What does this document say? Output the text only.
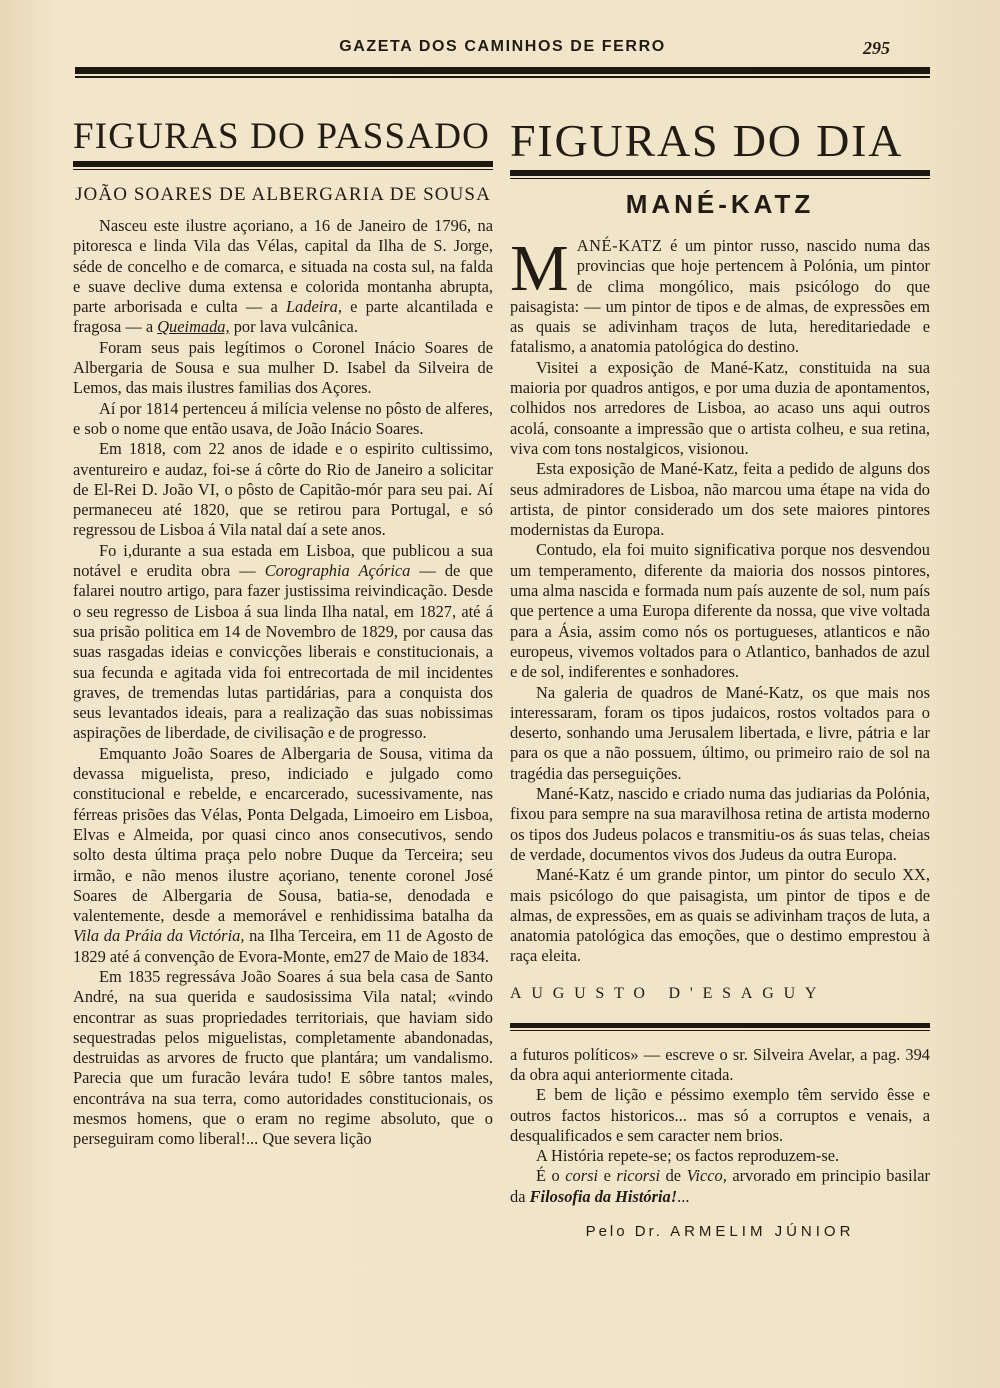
GAZETA DOS CAMINHOS DE FERRO	295
FIGURAS DO PASSADO
JOÃO SOARES DE ALBERGARIA DE SOUSA

Nasceu este ilustre açoriano, a 16 de Janeiro de 1796, na pitoresca e linda Vila das Vélas, capital da Ilha de S. Jorge, séde de concelho e de comarca, e situada na costa sul, na falda e suave declive duma extensa e colorida montanha abrupta, parte arborisada e culta — a Ladeira, e parte alcantilada e fragosa — a Queimada, por lava vulcânica.

Foram seus pais legítimos o Coronel Inácio Soares de Albergaria de Sousa e sua mulher D. Isabel da Silveira de Lemos, das mais ilustres familias dos Açores.

Aí por 1814 pertenceu á milícia velense no pôsto de alferes, e sob o nome que então usava, de João Inácio Soares.

Em 1818, com 22 anos de idade e o espirito cultissimo, aventureiro e audaz, foi-se á côrte do Rio de Janeiro a solicitar de El-Rei D. João VI, o pôsto de Capitão-mór para seu pai. Aí permaneceu até 1820, que se retirou para Portugal, e só regressou de Lisboa á Vila natal daí a sete anos.

Fo i,durante a sua estada em Lisboa, que publicou a sua notável e erudita obra — Corographia Açórica — de que falarei noutro artigo, para fazer justissima reivindicação. Desde o seu regresso de Lisboa á sua linda Ilha natal, em 1827, até á sua prisão politica em 14 de Novembro de 1829, por causa das suas rasgadas ideias e convicções liberais e constitucionais, a sua fecunda e agitada vida foi entrecortada de mil incidentes graves, de tremendas lutas partidárias, para a conquista dos seus levantados ideais, para a realização das suas nobissimas aspirações de liberdade, de civilisação e de progresso.

Emquanto João Soares de Albergaria de Sousa, vitima da devassa miguelista, preso, indiciado e julgado como constitucional e rebelde, e encarcerado, sucessivamente, nas férreas prisões das Vélas, Ponta Delgada, Limoeiro em Lisboa, Elvas e Almeida, por quasi cinco anos consecutivos, sendo solto desta última praça pelo nobre Duque da Terceira; seu irmão, e não menos ilustre açoriano, tenente coronel José Soares de Albergaria de Sousa, batia-se, denodada e valentemente, desde a memorável e renhidissima batalha da Vila da Práia da Victória, na Ilha Terceira, em 11 de Agosto de 1829 até á convenção de Evora-Monte, em27 de Maio de 1834.

Em 1835 regressáva João Soares á sua bela casa de Santo André, na sua querida e saudosissima Vila natal; «vindo encontrar as suas propriedades territoriais, que haviam sido sequestradas pelos miguelistas, completamente abandonadas, destruidas as arvores de fructo que plantára; um vandalismo. Parecia que um furacão levára tudo! E sôbre tantos males, encontráva na sua terra, como autoridades constitucionais, os mesmos homens, que o eram no regime absoluto, que o perseguiram como liberal!... Que severa lição

FIGURAS DO DIA
MANÉ-KATZ

MANÉ-KATZ é um pintor russo, nascido numa das provincias que hoje pertencem à Polónia, um pintor de clima mongólico, mais psicólogo do que paisagista: — um pintor de tipos e de almas, de expressões em as quais se adivinham traços de luta, hereditariedade e fatalismo, a anatomia patológica do destino.

Visitei a exposição de Mané-Katz, constituida na sua maioria por quadros antigos, e por uma duzia de apontamentos, colhidos nos arredores de Lisboa, ao acaso uns aqui outros acolá, consoante a impressão que o artista colheu, e sua retina, viva com tons nostalgicos, visionou.

Esta exposição de Mané-Katz, feita a pedido de alguns dos seus admiradores de Lisboa, não marcou uma étape na vida do artista, de pintor considerado um dos sete maiores pintores modernistas da Europa.

Contudo, ela foi muito significativa porque nos desvendou um temperamento, diferente da maioria dos nossos pintores, uma alma nascida e formada num país auzente de sol, num país que pertence a uma Europa diferente da nossa, que vive voltada para a Ásia, assim como nós os portugueses, atlanticos e não europeus, vivemos voltados para o Atlantico, banhados de azul e de sol, indiferentes e sonhadores.

Na galeria de quadros de Mané-Katz, os que mais nos interessaram, foram os tipos judaicos, rostos voltados para o deserto, sonhando uma Jerusalem libertada, e livre, pátria e lar para os que a não possuem, último, ou primeiro raio de sol na tragédia das perseguições.

Mané-Katz, nascido e criado numa das judiarias da Polónia, fixou para sempre na sua maravilhosa retina de artista moderno os tipos dos Judeus polacos e transmitiu-os ás suas telas, cheias de verdade, documentos vivos dos Judeus da outra Europa.

Mané-Katz é um grande pintor, um pintor do seculo XX, mais psicólogo do que paisagista, um pintor de tipos e de almas, de expressões, em as quais se adivinham traços de luta, a anatomia patológica das emoções, que o destimo emprestou à raça eleita.

AUGUSTO D'ESAGUY

a futuros políticos» — escreve o sr. Silveira Avelar, a pag. 394 da obra aqui anteriormente citada.

E bem de lição e péssimo exemplo têm servido êsse e outros factos historicos... mas só a corruptos e venais, a desqualificados e sem caracter nem brios.

A História repete-se; os factos reproduzem-se.

É o corsi e ricorsi de Vicco, arvorado em principio basilar da Filosofia da História!...

Pelo Dr. ARMELIM JÚNIOR
